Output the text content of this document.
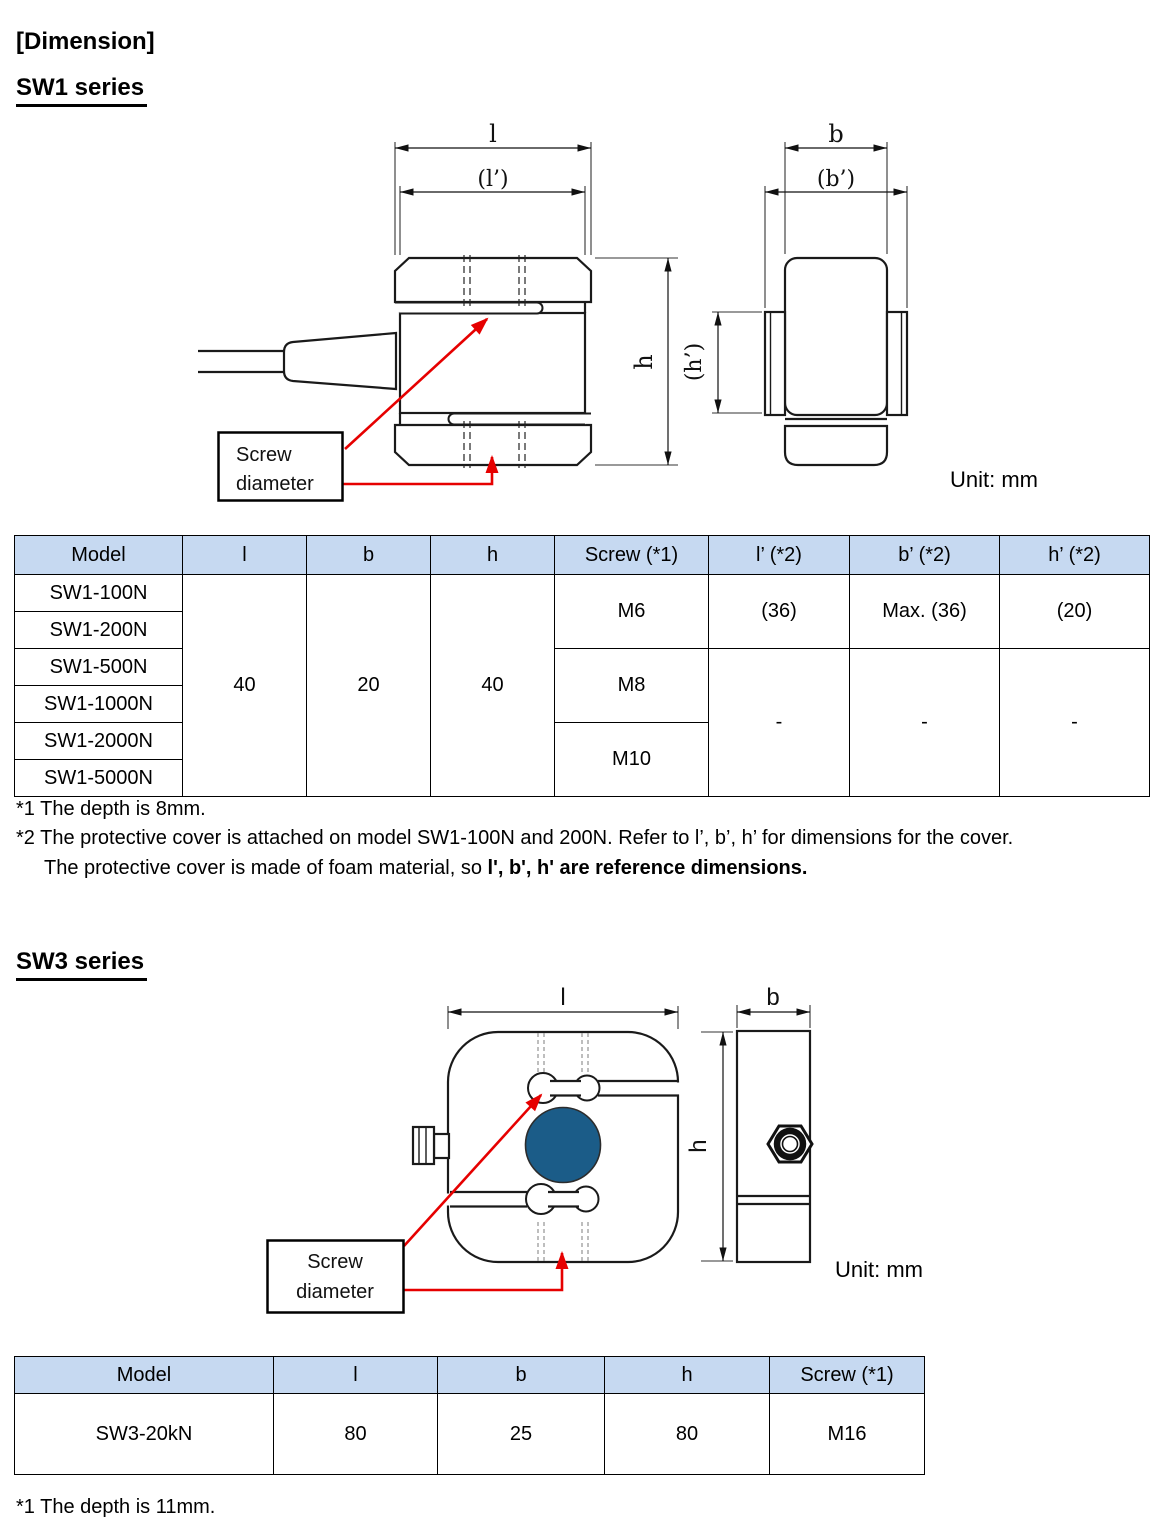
[Dimension]
SW1 series
l
(l’)
h
b
(b’)
(h’)
Screw
diameter	Unit: mm
Model	l	b	h	Screw (*1)	l’ (*2)	b’ (*2)	h’ (*2)
SW1-100N	40	20	40	M6	(36)	Max. (36)	(20)
SW1-200N							
SW1-500N				M8	-	-	-
SW1-1000N							
SW1-2000N				M10			
SW1-5000N							
*1 The depth is 8mm.
*2 The protective cover is attached on model SW1-100N and 200N. Refer to l’, b’, h’ for dimensions for the cover.
The protective cover is made of foam material, so l', b', h' are reference dimensions.
SW3 series
l
h
b
Screw
diameter
Unit: mm
Model	l	b	h	Screw (*1)
SW3-20kN	80	25	80	M16
*1 The depth is 11mm.
